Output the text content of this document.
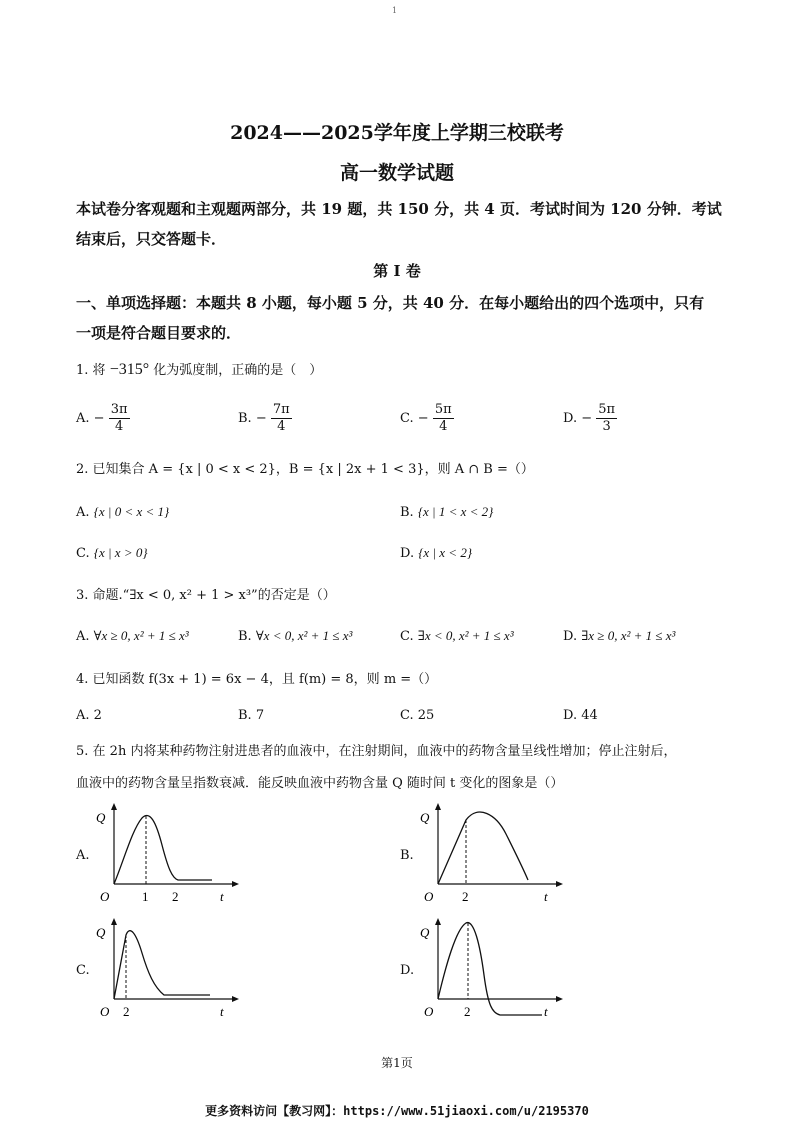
1
2024——2025学年度上学期三校联考
高一数学试题
本试卷分客观题和主观题两部分，共 19 题，共 150 分，共 4 页．考试时间为 120 分钟．考试
结束后，只交答题卡．
第 I 卷
一、单项选择题：本题共 8 小题，每小题 5 分，共 40 分．在每小题给出的四个选项中，只有
一项是符合题目要求的．
1. 将 −315° 化为弧度制，正确的是（　）
A. − $\frac{3\pi}{4}$	B. − $\frac{7\pi}{4}$	C. − $\frac{5\pi}{4}$	D. − $\frac{5\pi}{3}$
2. 已知集合 A = {x | 0 < x < 2}，B = {x | 2x + 1 < 3}，则 A ∩ B =（）
A. {x | 0 < x < 1}	B. {x | 1 < x < 2}
C. {x | x > 0}	D. {x | x < 2}
3. 命题.“∃x < 0, x² + 1 > x³”的否定是（）
A. ∀x ≥ 0, x² + 1 ≤ x³	B. ∀x < 0, x² + 1 ≤ x³	C. ∃x < 0, x² + 1 ≤ x³	D. ∃x ≥ 0, x² + 1 ≤ x³
4. 已知函数 f(3x + 1) = 6x − 4，且 f(m) = 8，则 m =（）
A. 2	B. 7	C. 25	D. 44
5. 在 2h 内将某种药物注射进患者的血液中，在注射期间，血液中的药物含量呈线性增加；停止注射后，
血液中的药物含量呈指数衰减．能反映血液中药物含量 Q 随时间 t 变化的图象是（）
A.
Q
O	1 2	t
B.
Q
O 2	t
C.
Q
O 2	t
D.
Q
O 2	t
第1页
更多资料访问【教习网】：https://www.51jiaoxi.com/u/2195370
